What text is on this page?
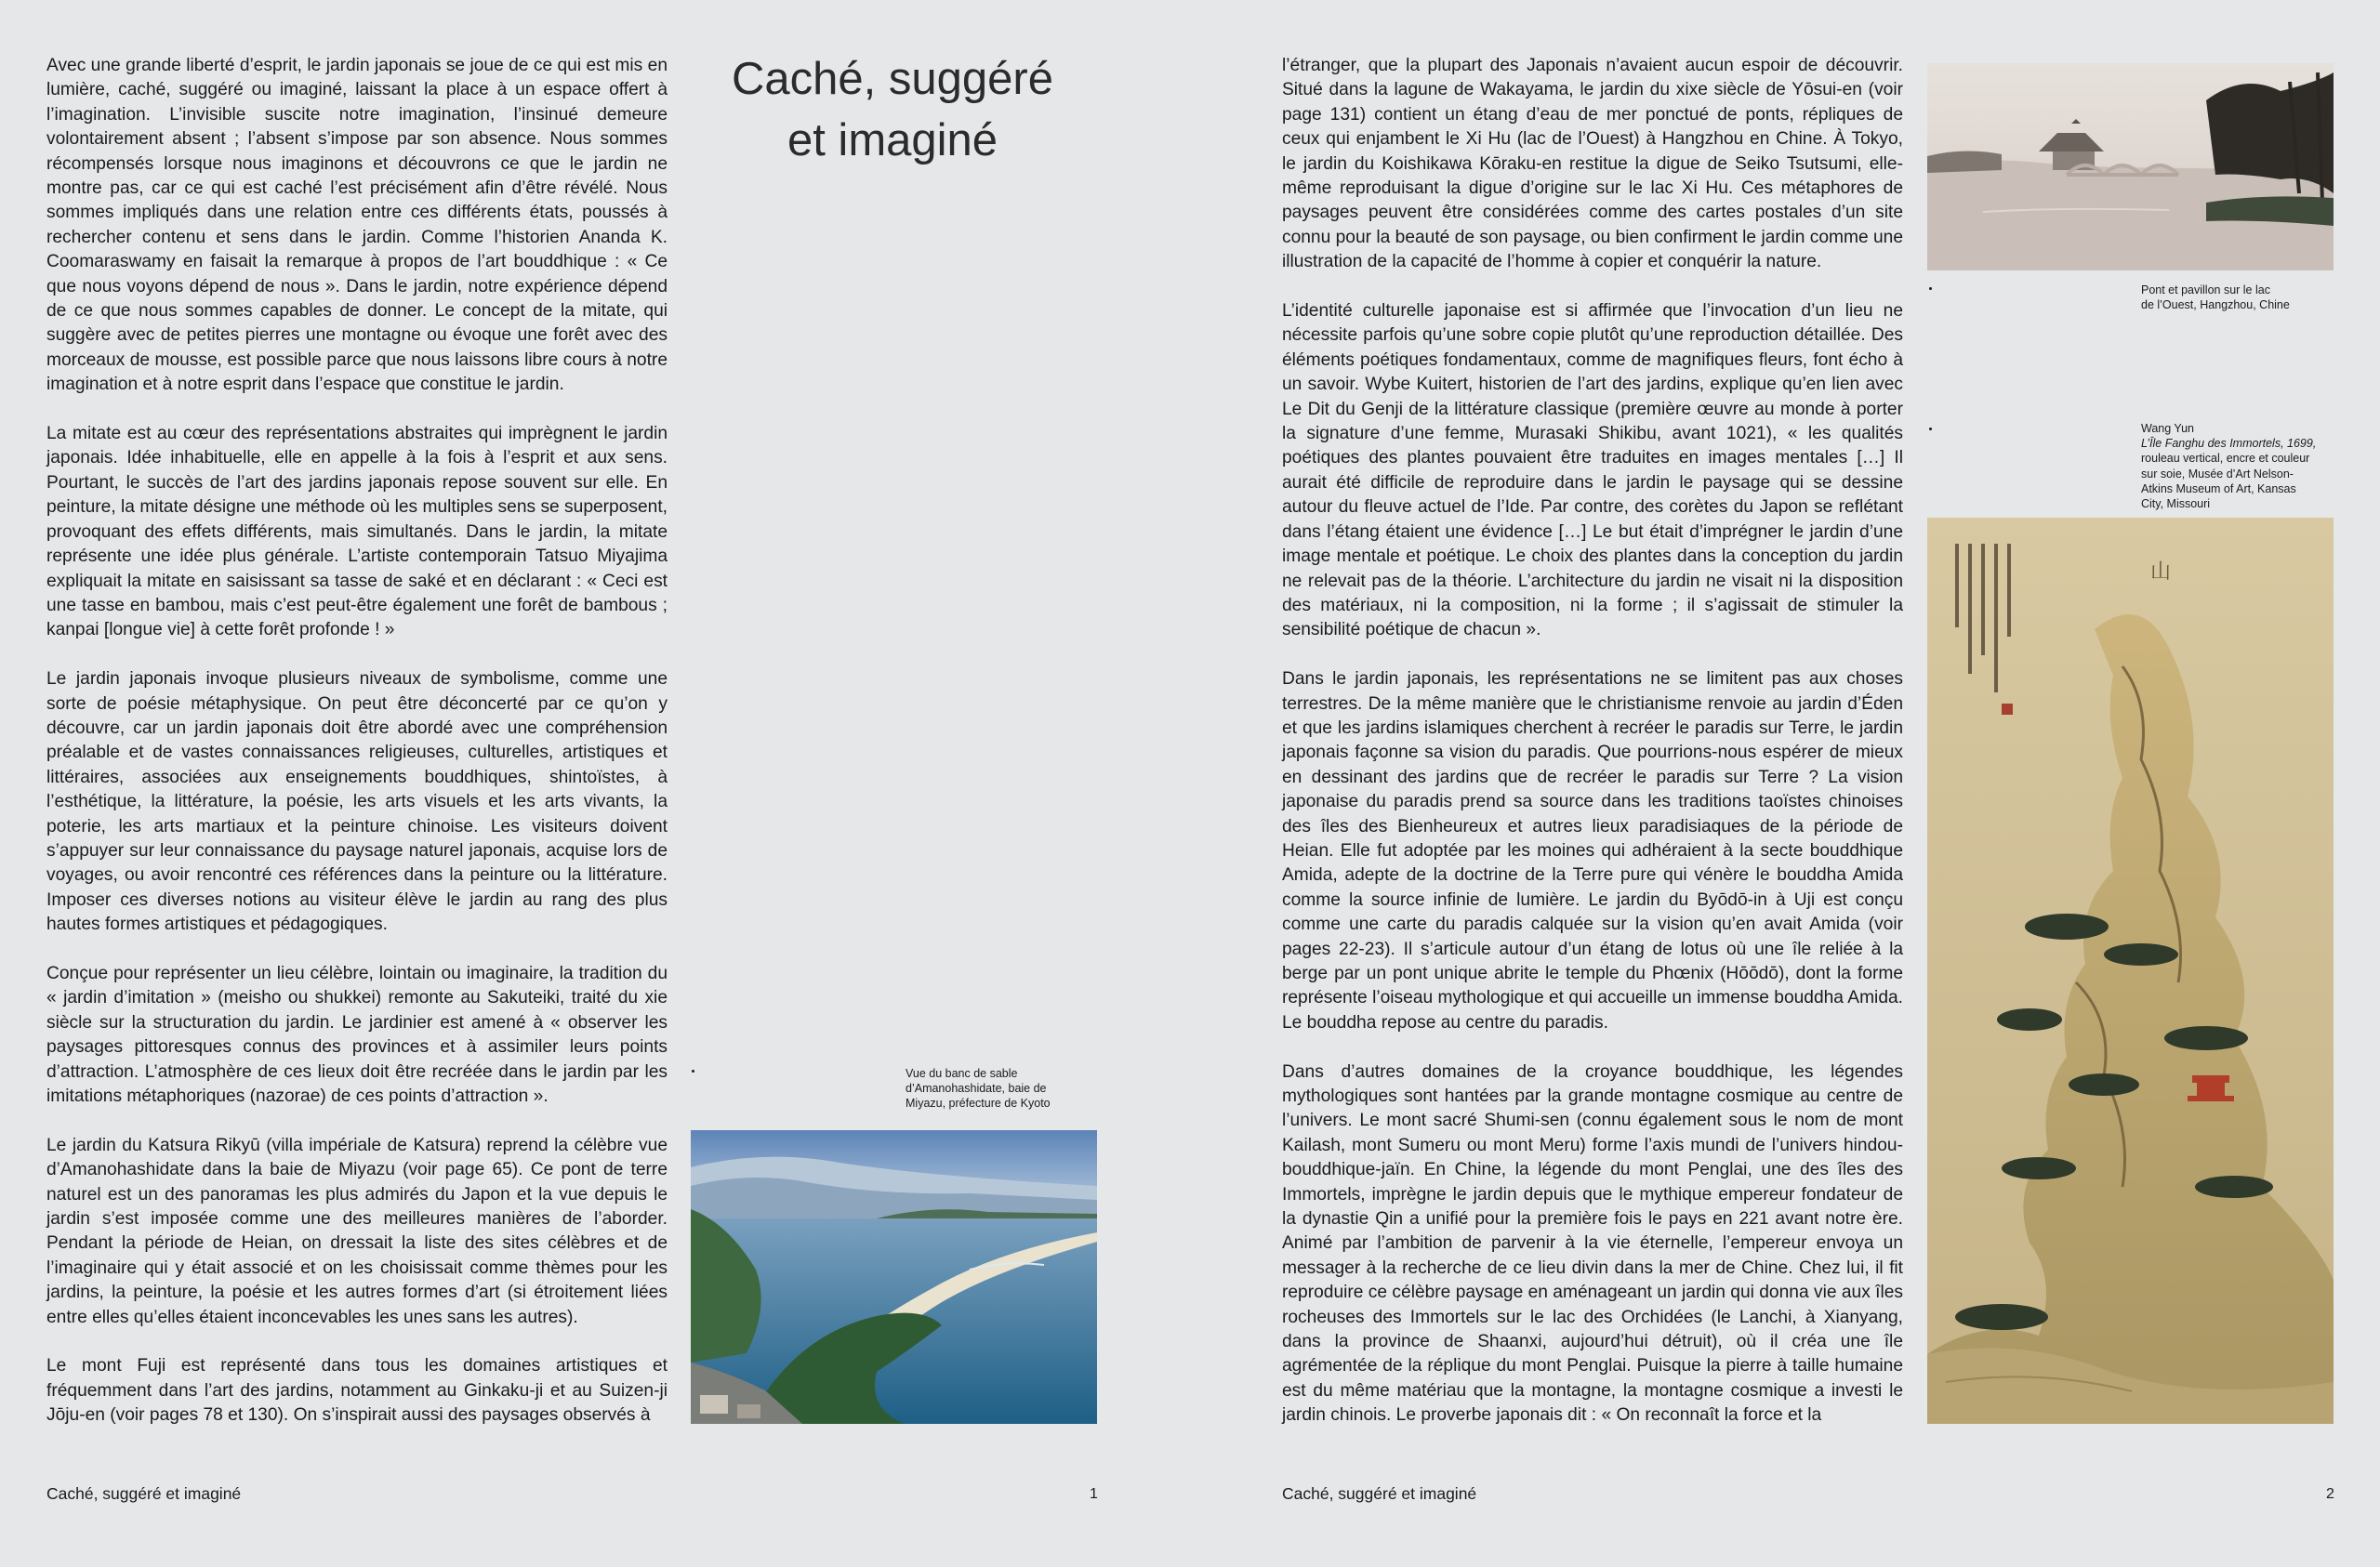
Avec une grande liberté d’esprit, le jardin japonais se joue de ce qui est mis en lumière, caché, suggéré ou imaginé, laissant la place à un espace offert à l’imagination. L’invisible suscite notre imagination, l’insinué demeure volontairement absent ; l’absent s’impose par son absence. Nous sommes récompensés lorsque nous imaginons et découvrons ce que le jardin ne montre pas, car ce qui est caché l’est précisément afin d’être révélé. Nous sommes impliqués dans une relation entre ces différents états, poussés à rechercher contenu et sens dans le jardin. Comme l’historien Ananda K. Coomaraswamy en faisait la remarque à propos de l’art bouddhique : « Ce que nous voyons dépend de nous ». Dans le jardin, notre expérience dépend de ce que nous sommes capables de donner. Le concept de la mitate, qui suggère avec de petites pierres une montagne ou évoque une forêt avec des morceaux de mousse, est possible parce que nous laissons libre cours à notre imagination et à notre esprit dans l’espace que constitue le jardin.

La mitate est au cœur des représentations abstraites qui imprègnent le jardin japonais. Idée inhabituelle, elle en appelle à la fois à l’esprit et aux sens. Pourtant, le succès de l’art des jardins japonais repose souvent sur elle. En peinture, la mitate désigne une méthode où les multiples sens se superposent, provoquant des effets différents, mais simultanés. Dans le jardin, la mitate représente une idée plus générale. L’artiste contemporain Tatsuo Miyajima expliquait la mitate en saisissant sa tasse de saké et en déclarant : « Ceci est une tasse en bambou, mais c’est peut-être également une forêt de bambous ; kanpai [longue vie] à cette forêt profonde ! »

Le jardin japonais invoque plusieurs niveaux de symbolisme, comme une sorte de poésie métaphysique. On peut être déconcerté par ce qu’on y découvre, car un jardin japonais doit être abordé avec une compréhension préalable et de vastes connaissances religieuses, culturelles, artistiques et littéraires, associées aux enseignements bouddhiques, shintoïstes, à l’esthétique, la littérature, la poésie, les arts visuels et les arts vivants, la poterie, les arts martiaux et la peinture chinoise. Les visiteurs doivent s’appuyer sur leur connaissance du paysage naturel japonais, acquise lors de voyages, ou avoir rencontré ces références dans la peinture ou la littérature. Imposer ces diverses notions au visiteur élève le jardin au rang des plus hautes formes artistiques et pédagogiques.

Conçue pour représenter un lieu célèbre, lointain ou imaginaire, la tradition du « jardin d’imitation » (meisho ou shukkei) remonte au Sakuteiki, traité du xie siècle sur la structuration du jardin. Le jardinier est amené à « observer les paysages pittoresques connus des provinces et à assimiler leurs points d’attraction. L’atmosphère de ces lieux doit être recréée dans le jardin par les imitations métaphoriques (nazorae) de ces points d’attraction ».

Le jardin du Katsura Rikyū (villa impériale de Katsura) reprend la célèbre vue d’Amanohashidate dans la baie de Miyazu (voir page 65). Ce pont de terre naturel est un des panoramas les plus admirés du Japon et la vue depuis le jardin s’est imposée comme une des meilleures manières de l’aborder. Pendant la période de Heian, on dressait la liste des sites célèbres et de l’imaginaire qui y était associé et on les choisissait comme thèmes pour les jardins, la peinture, la poésie et les autres formes d’art (si étroitement liées entre elles qu’elles étaient inconcevables les unes sans les autres).

Le mont Fuji est représenté dans tous les domaines artistiques et fréquemment dans l’art des jardins, notamment au Ginkaku-ji et au Suizen-ji Jōju-en (voir pages 78 et 130). On s’inspirait aussi des paysages observés à

Caché, suggéré et imaginé
Vue du banc de sable
d’Amanohashidate, baie de
Miyazu, préfecture de Kyoto
Caché, suggéré et imaginé	1

l’étranger, que la plupart des Japonais n’avaient aucun espoir de découvrir. Situé dans la lagune de Wakayama, le jardin du xixe siècle de Yōsui-en (voir page 131) contient un étang d’eau de mer ponctué de ponts, répliques de ceux qui enjambent le Xi Hu (lac de l’Ouest) à Hangzhou en Chine. À Tokyo, le jardin du Koishikawa Kōraku-en restitue la digue de Seiko Tsutsumi, elle-même reproduisant la digue d’origine sur le lac Xi Hu. Ces métaphores de paysages peuvent être considérées comme des cartes postales d’un site connu pour la beauté de son paysage, ou bien confirment le jardin comme une illustration de la capacité de l’homme à copier et conquérir la nature.

L’identité culturelle japonaise est si affirmée que l’invocation d’un lieu ne nécessite parfois qu’une sobre copie plutôt qu’une reproduction détaillée. Des éléments poétiques fondamentaux, comme de magnifiques fleurs, font écho à un savoir. Wybe Kuitert, historien de l’art des jardins, explique qu’en lien avec Le Dit du Genji de la littérature classique (première œuvre au monde à porter la signature d’une femme, Murasaki Shikibu, avant 1021), « les qualités poétiques des plantes pouvaient être traduites en images mentales […] Il aurait été difficile de reproduire dans le jardin le paysage qui se dessine autour du fleuve actuel de l’Ide. Par contre, des corètes du Japon se reflétant dans l’étang étaient une évidence […] Le but était d’imprégner le jardin d’une image mentale et poétique. Le choix des plantes dans la conception du jardin ne relevait pas de la théorie. L’architecture du jardin ne visait ni la disposition des matériaux, ni la composition, ni la forme ; il s’agissait de stimuler la sensibilité poétique de chacun ».

Dans le jardin japonais, les représentations ne se limitent pas aux choses terrestres. De la même manière que le christianisme renvoie au jardin d’Éden et que les jardins islamiques cherchent à recréer le paradis sur Terre, le jardin japonais façonne sa vision du paradis. Que pourrions-nous espérer de mieux en dessinant des jardins que de recréer le paradis sur Terre ? La vision japonaise du paradis prend sa source dans les traditions taoïstes chinoises des îles des Bienheureux et autres lieux paradisiaques de la période de Heian. Elle fut adoptée par les moines qui adhéraient à la secte bouddhique Amida, adepte de la doctrine de la Terre pure qui vénère le bouddha Amida comme la source infinie de lumière. Le jardin du Byōdō-in à Uji est conçu comme une carte du paradis calquée sur la vision qu’en avait Amida (voir pages 22-23). Il s’articule autour d’un étang de lotus où une île reliée à la berge par un pont unique abrite le temple du Phœnix (Hōōdō), dont la forme représente l’oiseau mythologique et qui accueille un immense bouddha Amida. Le bouddha repose au centre du paradis.

Dans d’autres domaines de la croyance bouddhique, les légendes mythologiques sont hantées par la grande montagne cosmique au centre de l’univers. Le mont sacré Shumi-sen (connu également sous le nom de mont Kailash, mont Sumeru ou mont Meru) forme l’axis mundi de l’univers hindou-bouddhique-jaïn. En Chine, la légende du mont Penglai, une des îles des Immortels, imprègne le jardin depuis que le mythique empereur fondateur de la dynastie Qin a unifié pour la première fois le pays en 221 avant notre ère. Animé par l’ambition de parvenir à la vie éternelle, l’empereur envoya un messager à la recherche de ce lieu divin dans la mer de Chine. Chez lui, il fit reproduire ce célèbre paysage en aménageant un jardin qui donna vie aux îles rocheuses des Immortels sur le lac des Orchidées (le Lanchi, à Xianyang, dans la province de Shaanxi, aujourd’hui détruit), où il créa une île agrémentée de la réplique du mont Penglai. Puisque la pierre à taille humaine est du même matériau que la montagne, la montagne cosmique a investi le jardin chinois. Le proverbe japonais dit : « On reconnaît la force et la

Pont et pavillon sur le lac
de l’Ouest, Hangzhou, Chine
Wang Yun
L’Île Fanghu des Immortels, 1699,
rouleau vertical, encre et couleur
sur soie, Musée d’Art Nelson-
Atkins Museum of Art, Kansas
City, Missouri
⼭
Caché, suggéré et imaginé	2
